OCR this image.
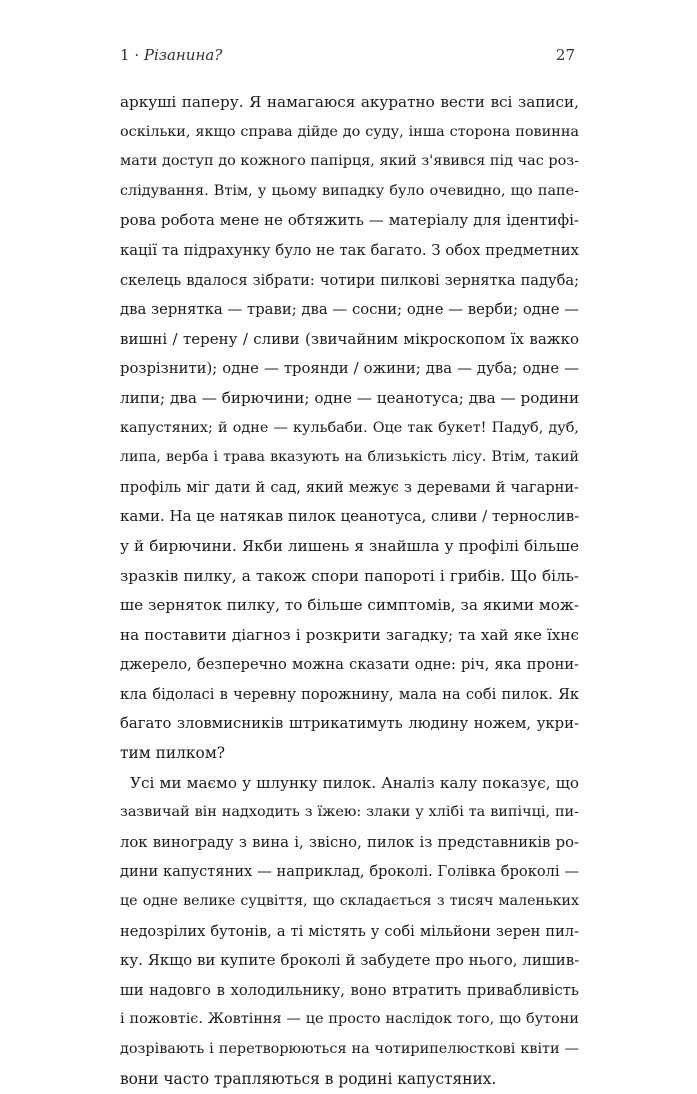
1 · Різанина?	27
аркуші паперу. Я намагаюся акуратно вести всі записи,
оскільки, якщо справа дійде до суду, інша сторона повинна
мати доступ до кожного папірця, який з'явився під час роз-
слідування. Втім, у цьому випадку було очевидно, що папе-
рова робота мене не обтяжить — матеріалу для ідентифі-
кації та підрахунку було не так багато. З обох предметних
скелець вдалося зібрати: чотири пилкові зернятка падуба;
два зернятка — трави; два — сосни; одне — верби; одне —
вишні / терену / сливи (звичайним мікроскопом їх важко
розрізнити); одне — троянди / ожини; два — дуба; одне —
липи; два — бирючини; одне — цеанотуса; два — родини
капустяних; й одне — кульбаби. Оце так букет! Падуб, дуб,
липа, верба і трава вказують на близькість лісу. Втім, такий
профіль міг дати й сад, який межує з деревами й чагарни-
ками. На це натякав пилок цеанотуса, сливи / тернослив-
у й бирючини. Якби лишень я знайшла у профілі більше
зразків пилку, а також спори папороті і грибів. Що біль-
ше зерняток пилку, то більше симптомів, за якими мож-
на поставити діагноз і розкрити загадку; та хай яке їхнє
джерело, безперечно можна сказати одне: річ, яка прони-
кла бідоласі в черевну порожнину, мала на собі пилок. Як
багато зловмисників штрикатимуть людину ножем, укри-
тим пилком?
Усі ми маємо у шлунку пилок. Аналіз калу показує, що
зазвичай він надходить з їжею: злаки у хлібі та випічці, пи-
лок винограду з вина і, звісно, пилок із представників ро-
дини капустяних — наприклад, броколі. Голівка броколі —
це одне велике суцвіття, що складається з тисяч маленьких
недозрілих бутонів, а ті містять у собі мільйони зерен пил-
ку. Якщо ви купите броколі й забудете про нього, лишив-
ши надовго в холодильнику, воно втратить привабливість
і пожовтіє. Жовтіння — це просто наслідок того, що бутони
дозрівають і перетворюються на чотирипелюсткові квіти —
вони часто трапляються в родині капустяних.
